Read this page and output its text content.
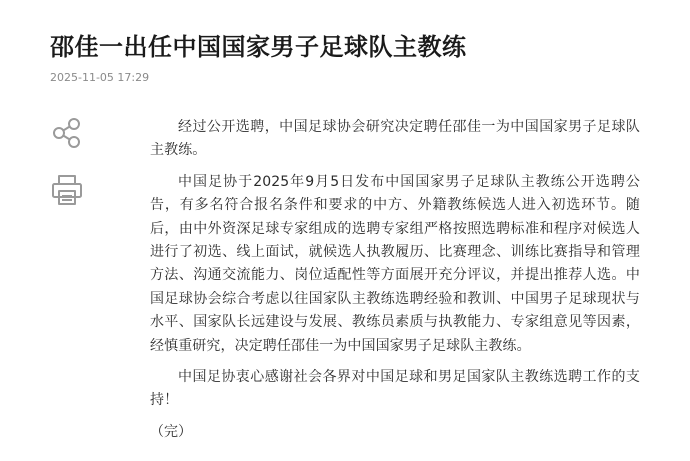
邵佳一出任中国国家男子足球队主教练
2025-11-05 17:29

经过公开选聘，中国足球协会研究决定聘任邵佳一为中国国家男子足球队主教练。

中国足协于2025年9月5日发布中国国家男子足球队主教练公开选聘公告，有多名符合报名条件和要求的中方、外籍教练候选人进入初选环节。随后，由中外资深足球专家组成的选聘专家组严格按照选聘标准和程序对候选人进行了初选、线上面试，就候选人执教履历、比赛理念、训练比赛指导和管理方法、沟通交流能力、岗位适配性等方面展开充分评议，并提出推荐人选。中国足球协会综合考虑以往国家队主教练选聘经验和教训、中国男子足球现状与水平、国家队长远建设与发展、教练员素质与执教能力、专家组意见等因素，经慎重研究，决定聘任邵佳一为中国国家男子足球队主教练。

中国足协衷心感谢社会各界对中国足球和男足国家队主教练选聘工作的支持！

（完）
